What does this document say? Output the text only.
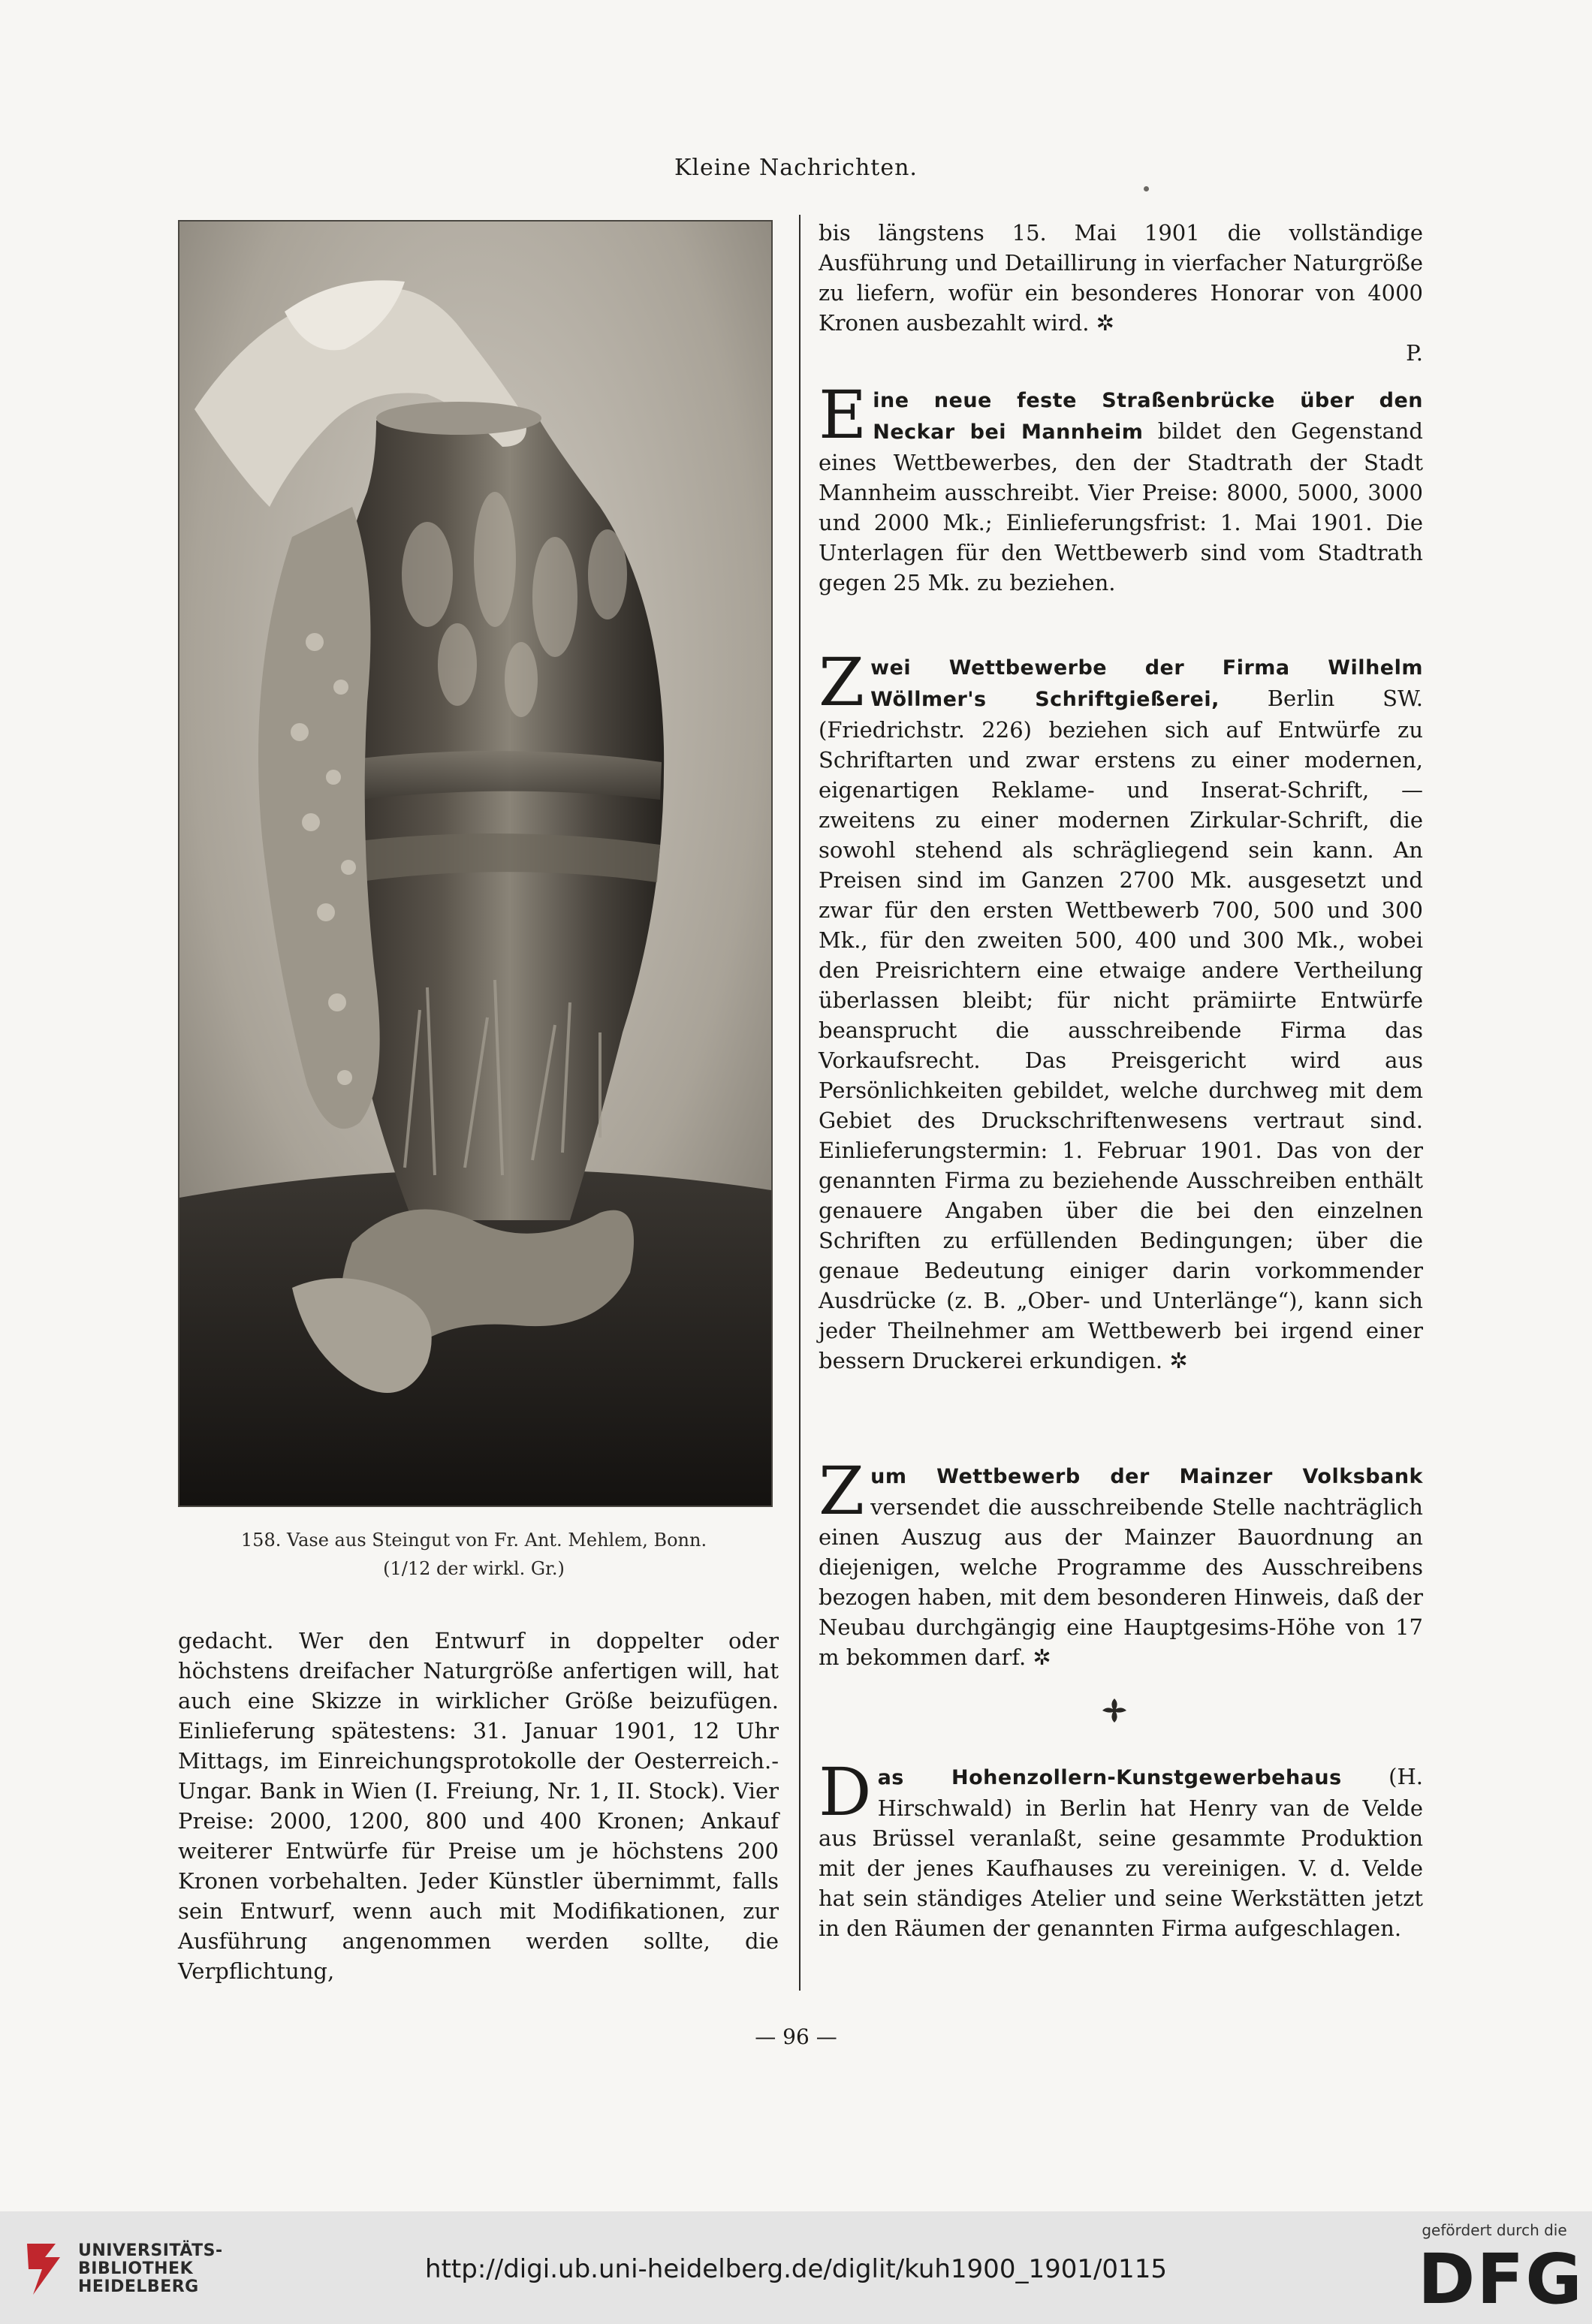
Kleine Nachrichten.
158. Vase aus Steingut von Fr. Ant. Mehlem, Bonn.
(1/12 der wirkl. Gr.)

gedacht. Wer den Entwurf in doppelter oder höchstens dreifacher Naturgröße anfertigen will, hat auch eine Skizze in wirklicher Größe beizufügen. Einlieferung spätestens: 31. Januar 1901, 12 Uhr Mittags, im Einreichungsprotokolle der Oesterreich.-Ungar. Bank in Wien (I. Freiung, Nr. 1, II. Stock). Vier Preise: 2000, 1200, 800 und 400 Kronen; Ankauf weiterer Entwürfe für Preise um je höchstens 200 Kronen vorbehalten. Jeder Künstler übernimmt, falls sein Entwurf, wenn auch mit Modifikationen, zur Ausführung angenommen werden sollte, die Verpflichtung,

bis längstens 15. Mai 1901 die vollständige Ausführung und Detaillirung in vierfacher Naturgröße zu liefern, wofür ein besonderes Honorar von 4000 Kronen ausbezahlt wird. ✲

P.

Eine neue feste Straßenbrücke über den Neckar bei Mannheim bildet den Gegenstand eines Wettbewerbes, den der Stadtrath der Stadt Mannheim ausschreibt. Vier Preise: 8000, 5000, 3000 und 2000 Mk.; Einlieferungsfrist: 1. Mai 1901. Die Unterlagen für den Wettbewerb sind vom Stadtrath gegen 25 Mk. zu beziehen.

Zwei Wettbewerbe der Firma Wilhelm Wöllmer's Schriftgießerei, Berlin SW. (Friedrichstr. 226) beziehen sich auf Entwürfe zu Schriftarten und zwar erstens zu einer modernen, eigenartigen Reklame- und Inserat-Schrift, — zweitens zu einer modernen Zirkular-Schrift, die sowohl stehend als schrägliegend sein kann. An Preisen sind im Ganzen 2700 Mk. ausgesetzt und zwar für den ersten Wettbewerb 700, 500 und 300 Mk., für den zweiten 500, 400 und 300 Mk., wobei den Preisrichtern eine etwaige andere Vertheilung überlassen bleibt; für nicht prämiirte Entwürfe beansprucht die ausschreibende Firma das Vorkaufsrecht. Das Preisgericht wird aus Persönlichkeiten gebildet, welche durchweg mit dem Gebiet des Druckschriftenwesens vertraut sind. Einlieferungstermin: 1. Februar 1901. Das von der genannten Firma zu beziehende Ausschreiben enthält genauere Angaben über die bei den einzelnen Schriften zu erfüllenden Bedingungen; über die genaue Bedeutung einiger darin vorkommender Ausdrücke (z. B. „Ober- und Unterlänge“), kann sich jeder Theilnehmer am Wettbewerb bei irgend einer bessern Druckerei erkundigen. ✲

Zum Wettbewerb der Mainzer Volksbank versendet die ausschreibende Stelle nachträglich einen Auszug aus der Mainzer Bauordnung an diejenigen, welche Programme des Ausschreibens bezogen haben, mit dem besonderen Hinweis, daß der Neubau durchgängig eine Hauptgesims-Höhe von 17 m bekommen darf. ✲

Das Hohenzollern-Kunstgewerbehaus (H. Hirschwald) in Berlin hat Henry van de Velde aus Brüssel veranlaßt, seine gesammte Produktion mit der jenes Kaufhauses zu vereinigen. V. d. Velde hat sein ständiges Atelier und seine Werkstätten jetzt in den Räumen der genannten Firma aufgeschlagen.

— 96 —
UNIVERSITÄTS-
BIBLIOTHEK
HEIDELBERG
http://digi.ub.uni-heidelberg.de/diglit/kuh1900_1901/0115
gefördert durch die
DFG
